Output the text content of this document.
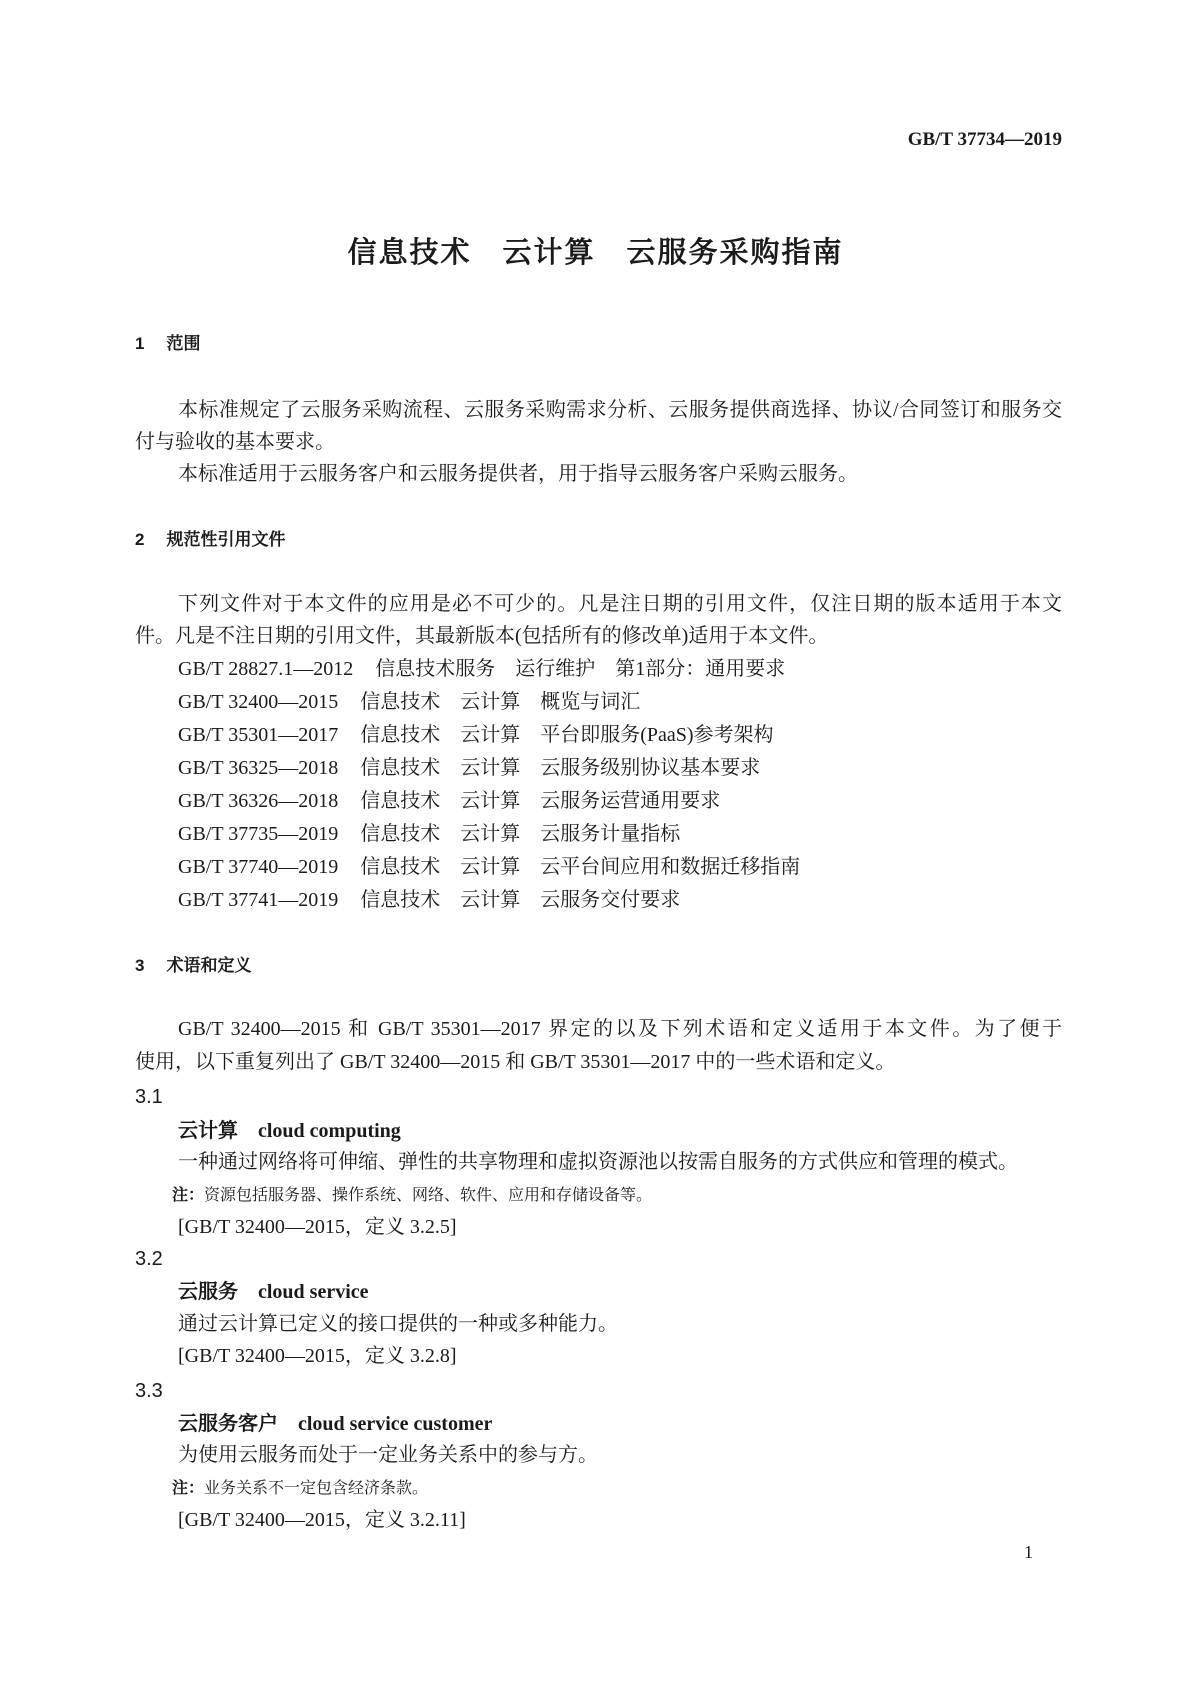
GB/T 37734—2019
信息技术　云计算　云服务采购指南
1 范围
本标准规定了云服务采购流程、云服务采购需求分析、云服务提供商选择、协议/合同签订和服务交
付与验收的基本要求。
本标准适用于云服务客户和云服务提供者，用于指导云服务客户采购云服务。
2 规范性引用文件
下列文件对于本文件的应用是必不可少的。凡是注日期的引用文件，仅注日期的版本适用于本文
件。凡是不注日期的引用文件，其最新版本(包括所有的修改单)适用于本文件。
GB/T 28827.1—2012 信息技术服务　运行维护　第1部分：通用要求
GB/T 32400—2015 信息技术　云计算　概览与词汇
GB/T 35301—2017 信息技术　云计算　平台即服务(PaaS)参考架构
GB/T 36325—2018 信息技术　云计算　云服务级别协议基本要求
GB/T 36326—2018 信息技术　云计算　云服务运营通用要求
GB/T 37735—2019 信息技术　云计算　云服务计量指标
GB/T 37740—2019 信息技术　云计算　云平台间应用和数据迁移指南
GB/T 37741—2019 信息技术　云计算　云服务交付要求
3 术语和定义
GB/T 32400—2015 和 GB/T 35301—2017 界定的以及下列术语和定义适用于本文件。为了便于
使用，以下重复列出了 GB/T 32400—2015 和 GB/T 35301—2017 中的一些术语和定义。
3.1
云计算 cloud computing
一种通过网络将可伸缩、弹性的共享物理和虚拟资源池以按需自服务的方式供应和管理的模式。
注：资源包括服务器、操作系统、网络、软件、应用和存储设备等。
[GB/T 32400—2015，定义 3.2.5]
3.2
云服务 cloud service
通过云计算已定义的接口提供的一种或多种能力。
[GB/T 32400—2015，定义 3.2.8]
3.3
云服务客户 cloud service customer
为使用云服务而处于一定业务关系中的参与方。
注：业务关系不一定包含经济条款。
[GB/T 32400—2015，定义 3.2.11]
1
